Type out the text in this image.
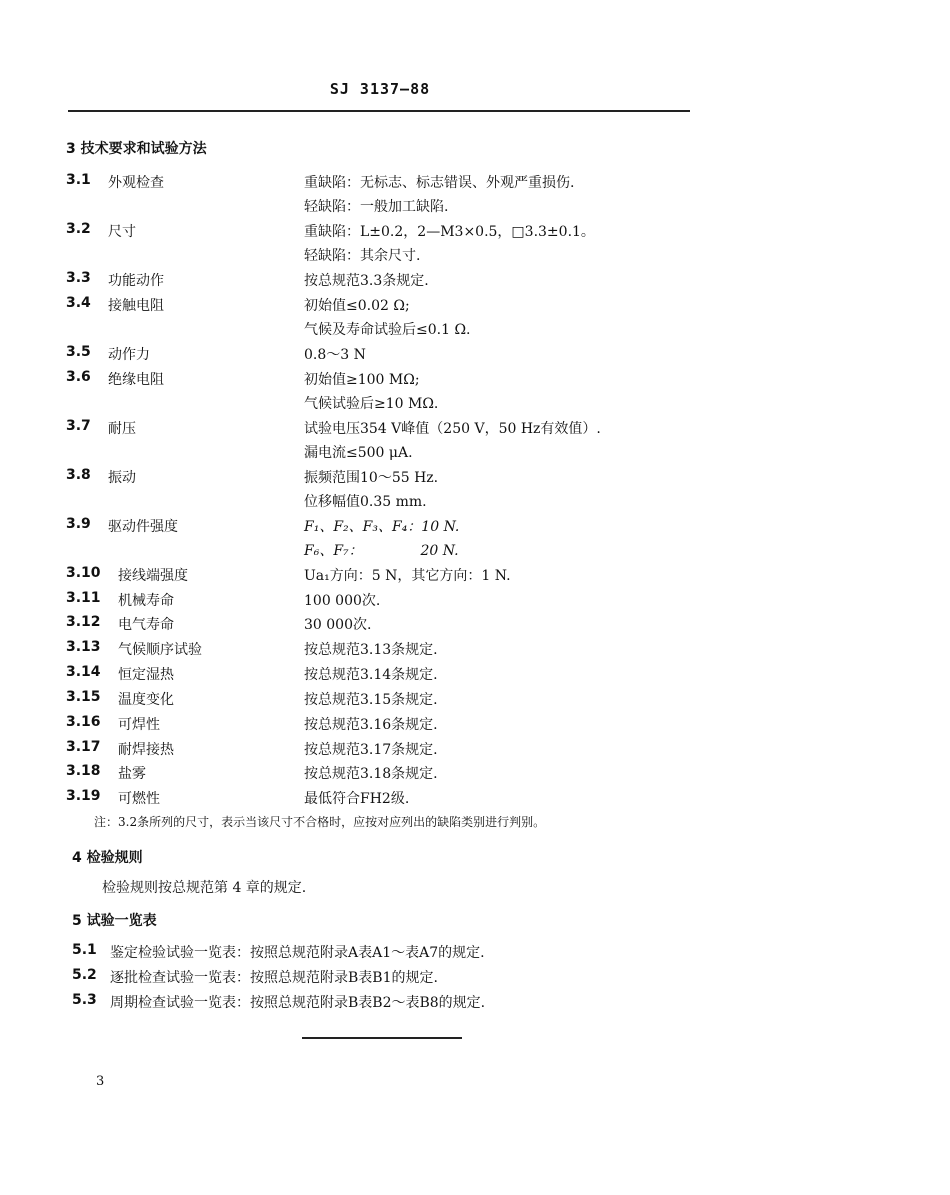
SJ 3137—88
3 技术要求和试验方法
3.1 外观检查	重缺陷：无标志、标志错误、外观严重损伤.
轻缺陷：一般加工缺陷.
3.2 尺寸	重缺陷：L±0.2，2—M3×0.5，□3.3±0.1。
轻缺陷：其余尺寸.
3.3 功能动作	按总规范3.3条规定.
3.4 接触电阻	初始值≤0.02 Ω;
气候及寿命试验后≤0.1 Ω.
3.5 动作力	0.8～3 N
3.6 绝缘电阻	初始值≥100 MΩ;
气候试验后≥10 MΩ.
3.7 耐压	试验电压354 V峰值（250 V，50 Hz有效值）.
漏电流≤500 μA.
3.8 振动	振频范围10～55 Hz.
位移幅值0.35 mm.
3.9 驱动件强度	F₁、F₂、F₃、F₄：10 N.
F₆、F₇：             20 N.
3.10 接线端强度	Ua₁方向：5 N，其它方向：1 N.
3.11 机械寿命	100 000次.
3.12 电气寿命	30 000次.
3.13 气候顺序试验	按总规范3.13条规定.
3.14 恒定湿热	按总规范3.14条规定.
3.15 温度变化	按总规范3.15条规定.
3.16 可焊性	按总规范3.16条规定.
3.17 耐焊接热	按总规范3.17条规定.
3.18 盐雾	按总规范3.18条规定.
3.19 可燃性	最低符合FH2级.
注：3.2条所列的尺寸，表示当该尺寸不合格时，应按对应列出的缺陷类别进行判别。
4 检验规则
检验规则按总规范第 4 章的规定.
5 试验一览表
5.1 鉴定检验试验一览表：按照总规范附录A表A1～表A7的规定.
5.2 逐批检查试验一览表：按照总规范附录B表B1的规定.
5.3 周期检查试验一览表：按照总规范附录B表B2～表B8的规定.
3
